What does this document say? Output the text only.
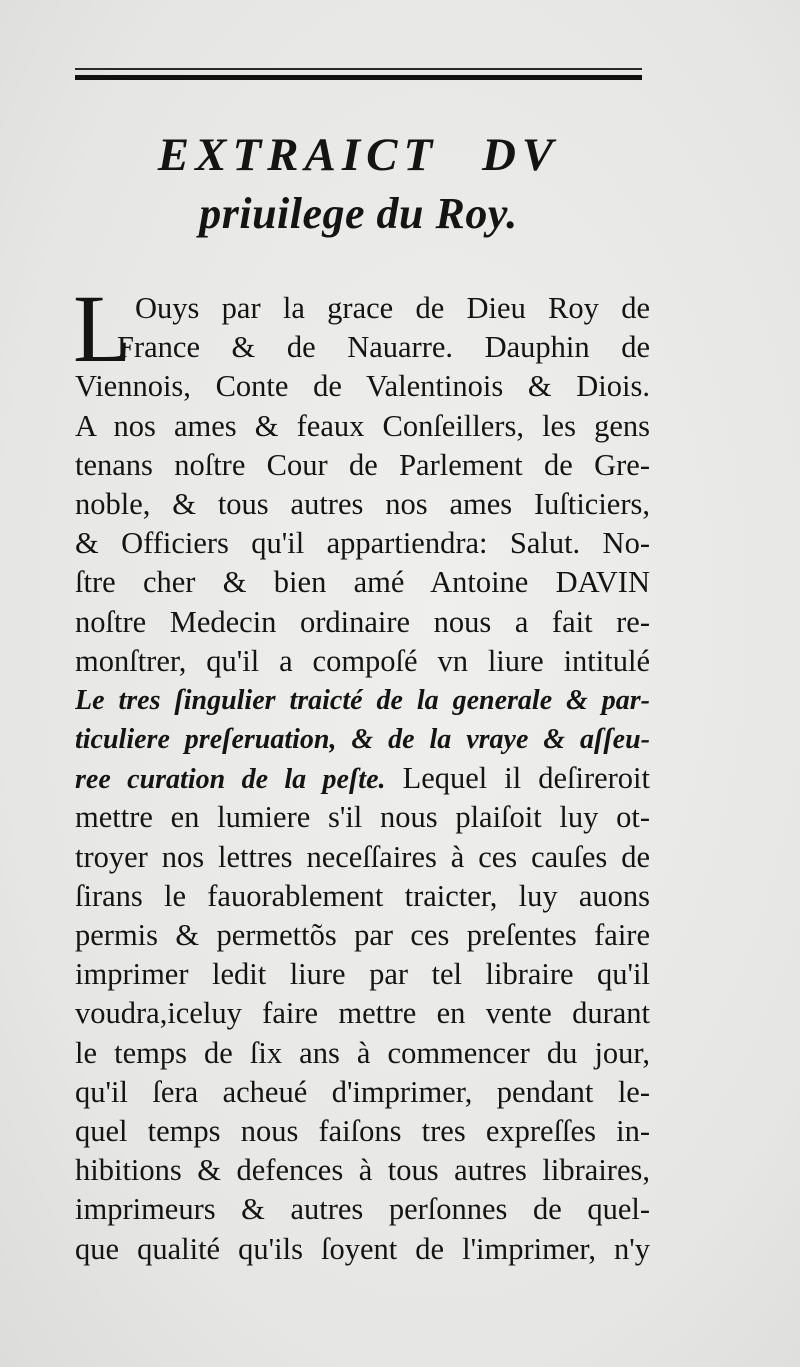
EXTRAICT DV
priuilege du Roy.
L Ouys par la grace de Dieu Roy de
France & de Nauarre. Dauphin de
Viennois, Conte de Valentinois & Diois.
A nos ames & feaux Conſeillers, les gens
tenans noſtre Cour de Parlement de Gre-
noble, & tous autres nos ames Iuſticiers,
& Officiers qu'il appartiendra: Salut. No-
ſtre cher & bien amé Antoine DAVIN
noſtre Medecin ordinaire nous a fait re-
monſtrer, qu'il a compoſé vn liure intitulé
Le tres ſingulier traicté de la generale & par-
ticuliere preſeruation, & de la vraye & aſſeu-
ree curation de la peſte. Lequel il deſireroit
mettre en lumiere s'il nous plaiſoit luy ot-
troyer nos lettres neceſſaires à ces cauſes de
ſirans le fauorablement traicter, luy auons
permis & permettõs par ces preſentes faire
imprimer ledit liure par tel libraire qu'il
voudra,iceluy faire mettre en vente durant
le temps de ſix ans à commencer du jour,
qu'il ſera acheué d'imprimer, pendant le-
quel temps nous faiſons tres expreſſes in-
hibitions & defences à tous autres libraires,
imprimeurs & autres perſonnes de quel-
que qualité qu'ils ſoyent de l'imprimer, n'y
